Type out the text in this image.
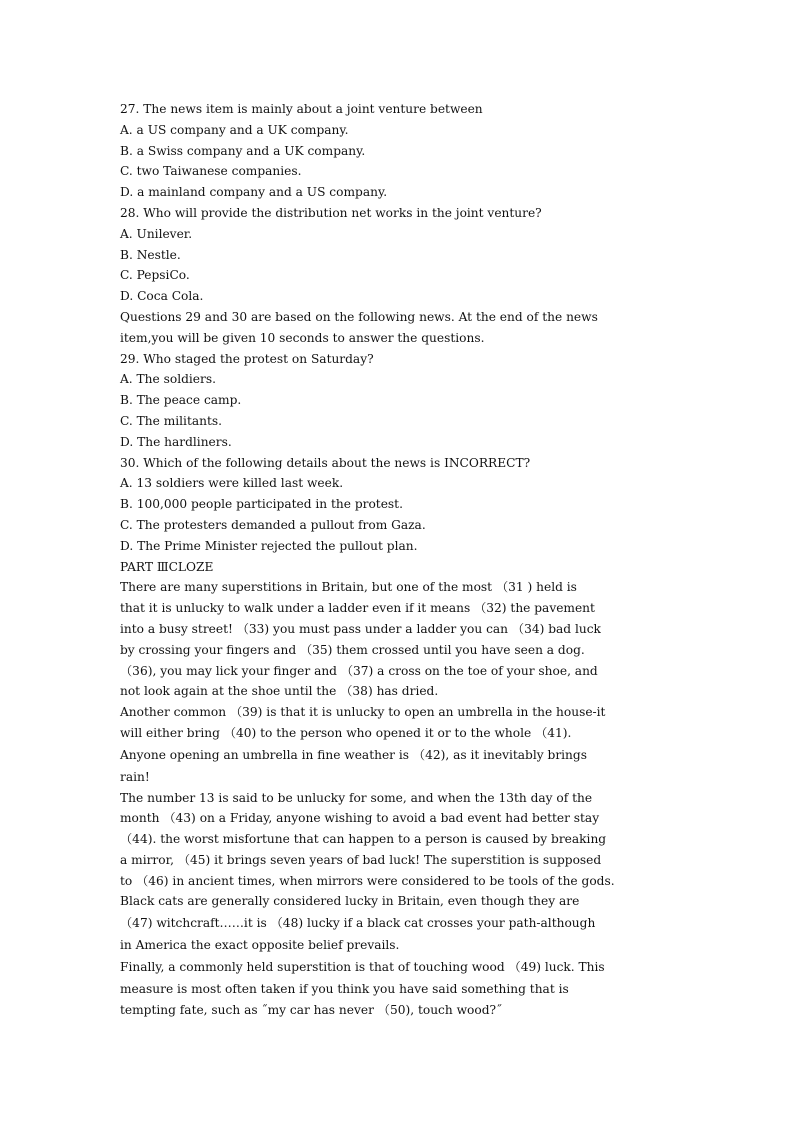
27. The news item is mainly about a joint venture between
A. a US company and a UK company.
B. a Swiss company and a UK company.
C. two Taiwanese companies.
D. a mainland company and a US company.
28. Who will provide the distribution net works in the joint venture?
A. Unilever.
B. Nestle.
C. PepsiCo.
D. Coca Cola.
Questions 29 and 30 are based on the following news. At the end of the news
item,you will be given 10 seconds to answer the questions.
29. Who staged the protest on Saturday?
A. The soldiers.
B. The peace camp.
C. The militants.
D. The hardliners.
30. Which of the following details about the news is INCORRECT?
A. 13 soldiers were killed last week.
B. 100,000 people participated in the protest.
C. The protesters demanded a pullout from Gaza.
D. The Prime Minister rejected the pullout plan.
PART ⅢCLOZE
There are many superstitions in Britain, but one of the most （31 ) held is
that it is unlucky to walk under a ladder even if it means （32) the pavement
into a busy street! （33) you must pass under a ladder you can （34) bad luck
by crossing your fingers and （35) them crossed until you have seen a dog.
（36), you may lick your finger and （37) a cross on the toe of your shoe, and
not look again at the shoe until the （38) has dried.
Another common （39) is that it is unlucky to open an umbrella in the house-it
will either bring （40) to the person who opened it or to the whole （41).
Anyone opening an umbrella in fine weather is （42), as it inevitably brings
rain!
The number 13 is said to be unlucky for some, and when the 13th day of the
month （43) on a Friday, anyone wishing to avoid a bad event had better stay
（44). the worst misfortune that can happen to a person is caused by breaking
a mirror, （45) it brings seven years of bad luck! The superstition is supposed
to （46) in ancient times, when mirrors were considered to be tools of the gods.
Black cats are generally considered lucky in Britain, even though they are
（47) witchcraft……it is （48) lucky if a black cat crosses your path-although
in America the exact opposite belief prevails.
Finally, a commonly held superstition is that of touching wood （49) luck. This
measure is most often taken if you think you have said something that is
tempting fate, such as ˝my car has never （50), touch wood?˝
